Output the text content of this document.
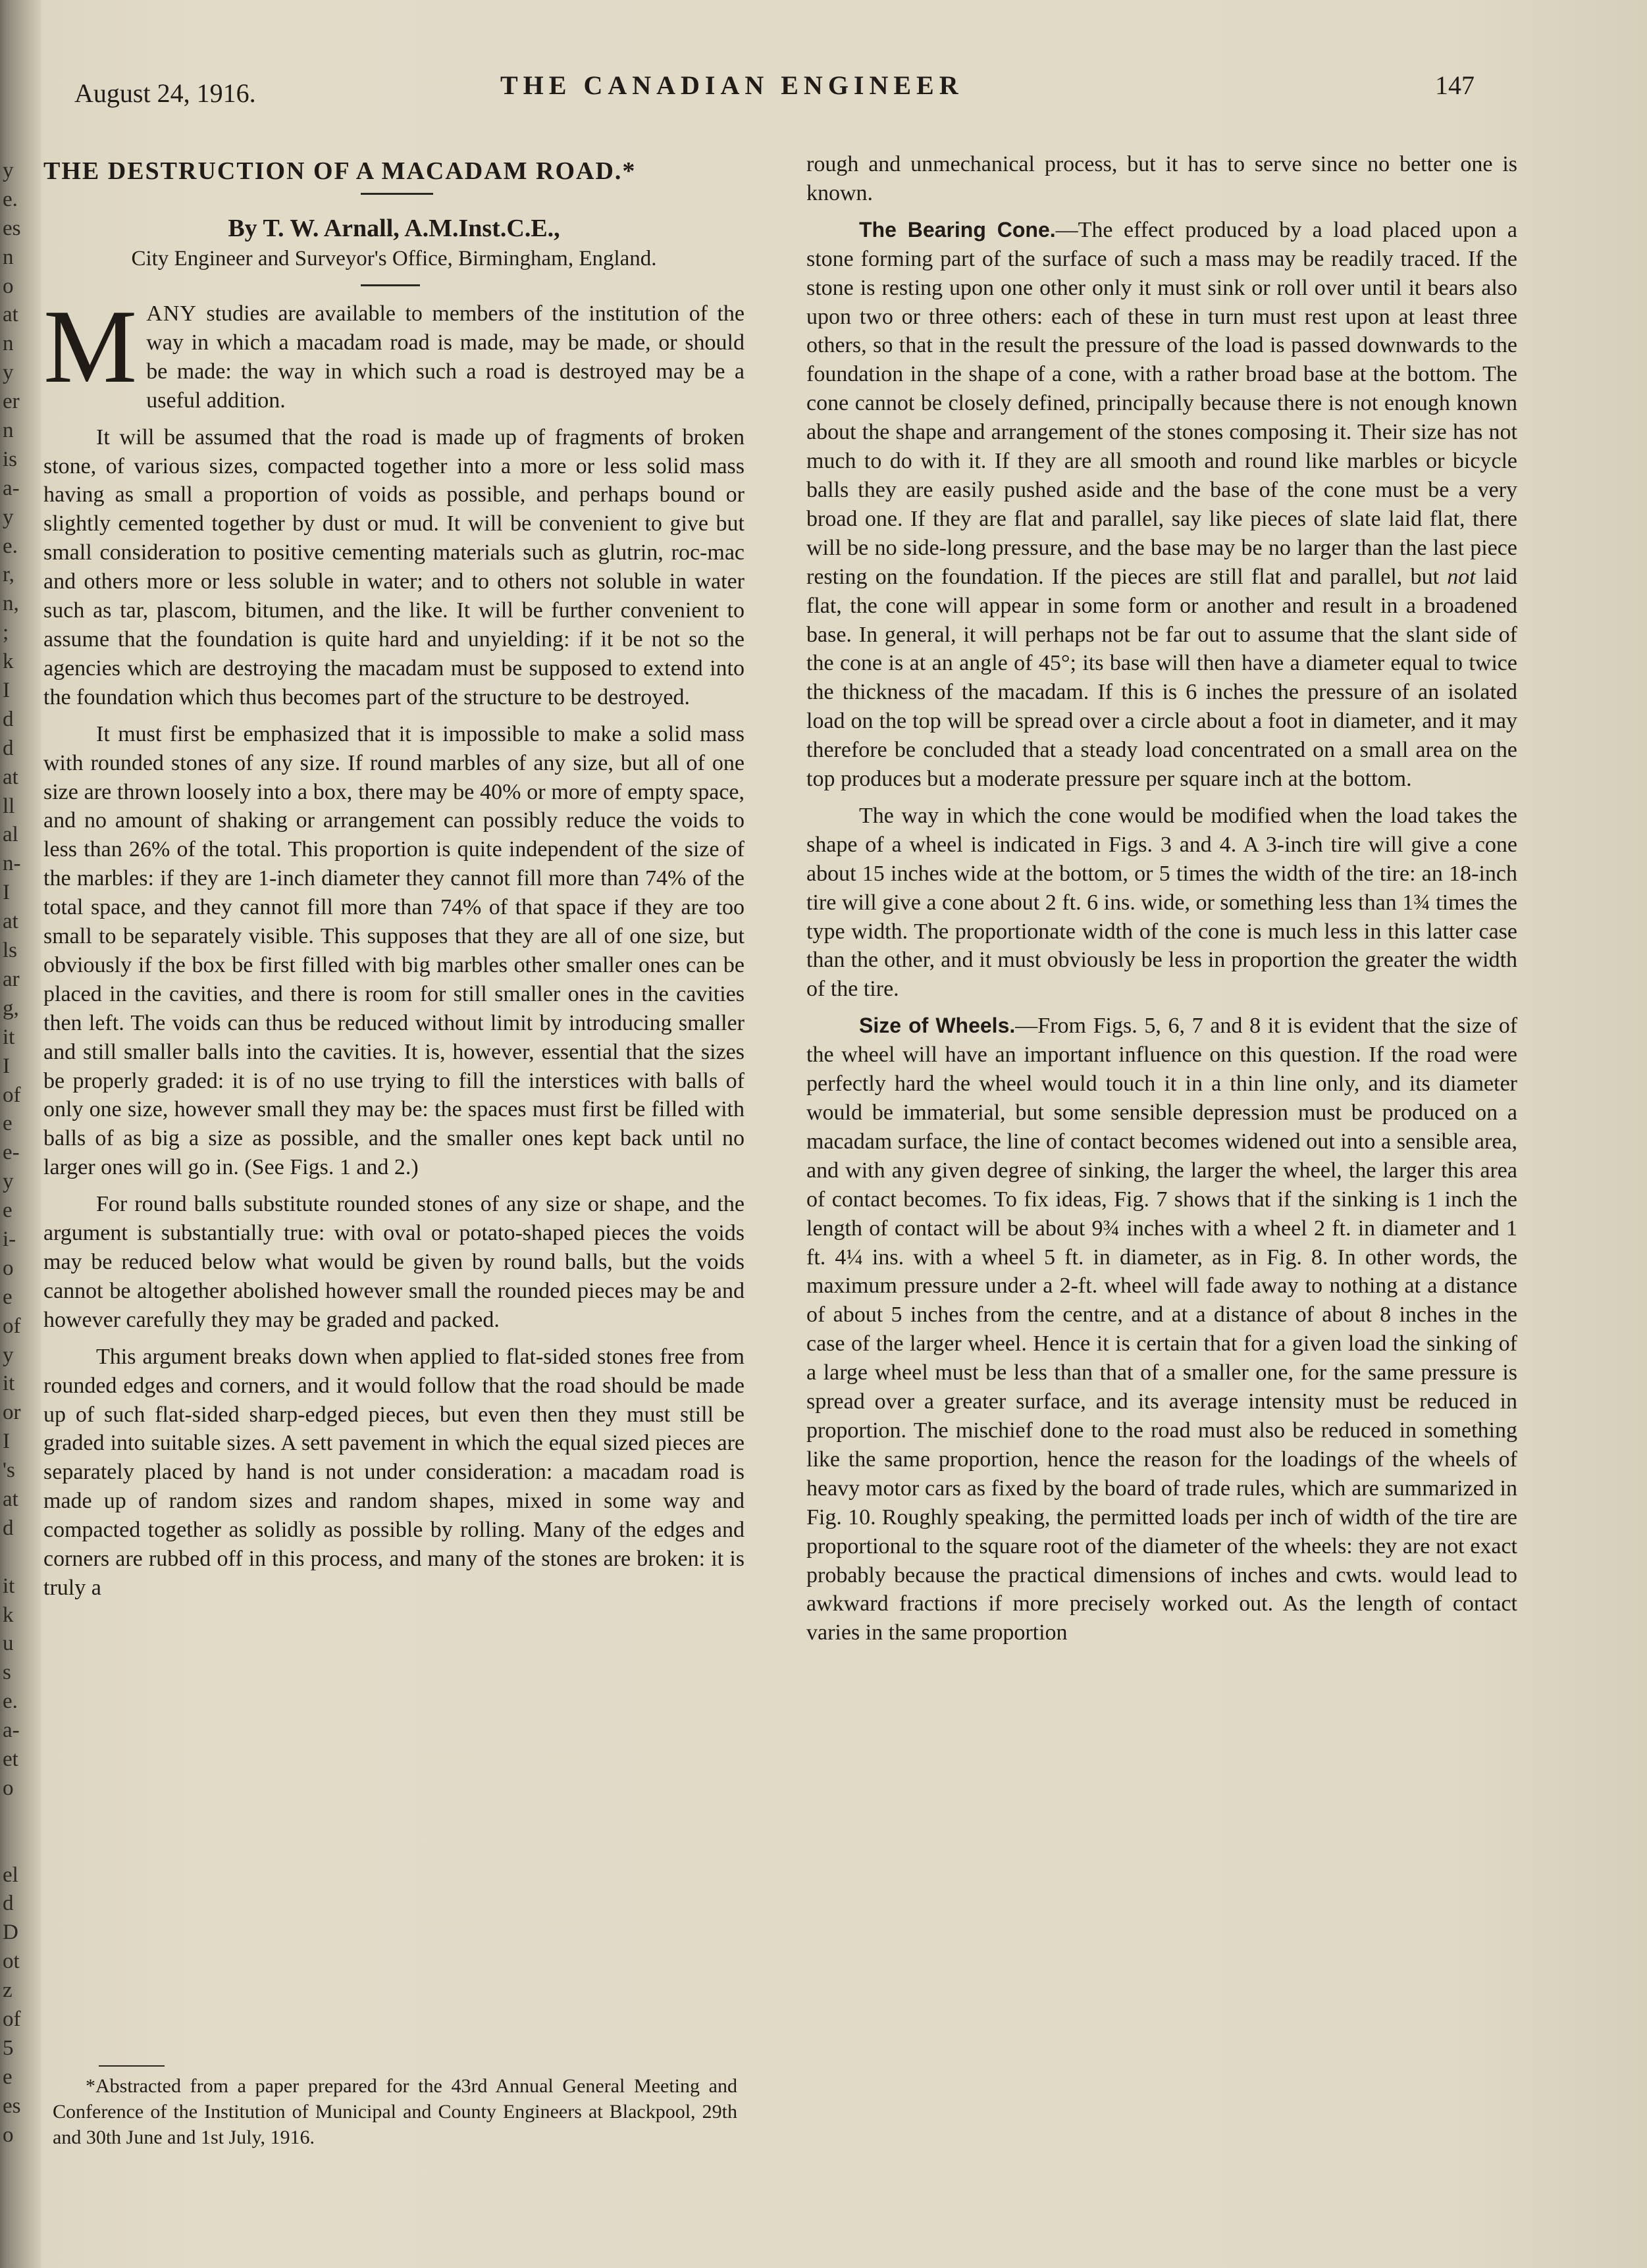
y
e.
es
n
o
at
n
y
er
n
is
a-
y
e.
r,
n,
;
k
I
d
d
at
ll
al
n-
I
at
ls
ar
g,
it
I
of
e
e-
y
e
i-
o
e
of
y
it
or
I
's
at
d
it
k
u
s
e.
a-
et
o
el
d
D
ot
z
of
5
e
es
o
August 24, 1916.	THE CANADIAN ENGINEER	147
THE DESTRUCTION OF A MACADAM ROAD.*
By T. W. Arnall, A.M.Inst.C.E.,
City Engineer and Surveyor's Office, Birmingham, England.

MANY studies are available to members of the institution of the way in which a macadam road is made, may be made, or should be made: the way in which such a road is destroyed may be a useful addition.

It will be assumed that the road is made up of fragments of broken stone, of various sizes, compacted together into a more or less solid mass having as small a proportion of voids as possible, and perhaps bound or slightly cemented together by dust or mud. It will be convenient to give but small consideration to positive cementing materials such as glutrin, roc-mac and others more or less soluble in water; and to others not soluble in water such as tar, plascom, bitumen, and the like. It will be further convenient to assume that the foundation is quite hard and unyielding: if it be not so the agencies which are destroying the macadam must be supposed to extend into the foundation which thus becomes part of the structure to be destroyed.

It must first be emphasized that it is impossible to make a solid mass with rounded stones of any size. If round marbles of any size, but all of one size are thrown loosely into a box, there may be 40% or more of empty space, and no amount of shaking or arrangement can possibly reduce the voids to less than 26% of the total. This proportion is quite independent of the size of the marbles: if they are 1-inch diameter they cannot fill more than 74% of the total space, and they cannot fill more than 74% of that space if they are too small to be separately visible. This supposes that they are all of one size, but obviously if the box be first filled with big marbles other smaller ones can be placed in the cavities, and there is room for still smaller ones in the cavities then left. The voids can thus be reduced without limit by introducing smaller and still smaller balls into the cavities. It is, however, essential that the sizes be properly graded: it is of no use trying to fill the interstices with balls of only one size, however small they may be: the spaces must first be filled with balls of as big a size as possible, and the smaller ones kept back until no larger ones will go in. (See Figs. 1 and 2.)

For round balls substitute rounded stones of any size or shape, and the argument is substantially true: with oval or potato-shaped pieces the voids may be reduced below what would be given by round balls, but the voids cannot be altogether abolished however small the rounded pieces may be and however carefully they may be graded and packed.

This argument breaks down when applied to flat-sided stones free from rounded edges and corners, and it would follow that the road should be made up of such flat-sided sharp-edged pieces, but even then they must still be graded into suitable sizes. A sett pavement in which the equal sized pieces are separately placed by hand is not under consideration: a macadam road is made up of random sizes and random shapes, mixed in some way and compacted together as solidly as possible by rolling. Many of the edges and corners are rubbed off in this process, and many of the stones are broken: it is truly a

*Abstracted from a paper prepared for the 43rd Annual General Meeting and Conference of the Institution of Municipal and County Engineers at Blackpool, 29th and 30th June and 1st July, 1916.

rough and unmechanical process, but it has to serve since no better one is known.

The Bearing Cone.—The effect produced by a load placed upon a stone forming part of the surface of such a mass may be readily traced. If the stone is resting upon one other only it must sink or roll over until it bears also upon two or three others: each of these in turn must rest upon at least three others, so that in the result the pressure of the load is passed downwards to the foundation in the shape of a cone, with a rather broad base at the bottom. The cone cannot be closely defined, principally because there is not enough known about the shape and arrangement of the stones composing it. Their size has not much to do with it. If they are all smooth and round like marbles or bicycle balls they are easily pushed aside and the base of the cone must be a very broad one. If they are flat and parallel, say like pieces of slate laid flat, there will be no side-long pressure, and the base may be no larger than the last piece resting on the foundation. If the pieces are still flat and parallel, but not laid flat, the cone will appear in some form or another and result in a broadened base. In general, it will perhaps not be far out to assume that the slant side of the cone is at an angle of 45°; its base will then have a diameter equal to twice the thickness of the macadam. If this is 6 inches the pressure of an isolated load on the top will be spread over a circle about a foot in diameter, and it may therefore be concluded that a steady load concentrated on a small area on the top produces but a moderate pressure per square inch at the bottom.

The way in which the cone would be modified when the load takes the shape of a wheel is indicated in Figs. 3 and 4. A 3-inch tire will give a cone about 15 inches wide at the bottom, or 5 times the width of the tire: an 18-inch tire will give a cone about 2 ft. 6 ins. wide, or something less than 1¾ times the type width. The proportionate width of the cone is much less in this latter case than the other, and it must obviously be less in proportion the greater the width of the tire.

Size of Wheels.—From Figs. 5, 6, 7 and 8 it is evident that the size of the wheel will have an important influence on this question. If the road were perfectly hard the wheel would touch it in a thin line only, and its diameter would be immaterial, but some sensible depression must be produced on a macadam surface, the line of contact becomes widened out into a sensible area, and with any given degree of sinking, the larger the wheel, the larger this area of contact becomes. To fix ideas, Fig. 7 shows that if the sinking is 1 inch the length of contact will be about 9¾ inches with a wheel 2 ft. in diameter and 1 ft. 4¼ ins. with a wheel 5 ft. in diameter, as in Fig. 8. In other words, the maximum pressure under a 2-ft. wheel will fade away to nothing at a distance of about 5 inches from the centre, and at a distance of about 8 inches in the case of the larger wheel. Hence it is certain that for a given load the sinking of a large wheel must be less than that of a smaller one, for the same pressure is spread over a greater surface, and its average intensity must be reduced in proportion. The mischief done to the road must also be reduced in something like the same proportion, hence the reason for the loadings of the wheels of heavy motor cars as fixed by the board of trade rules, which are summarized in Fig. 10. Roughly speaking, the permitted loads per inch of width of the tire are proportional to the square root of the diameter of the wheels: they are not exact probably because the practical dimensions of inches and cwts. would lead to awkward fractions if more precisely worked out. As the length of contact varies in the same proportion
